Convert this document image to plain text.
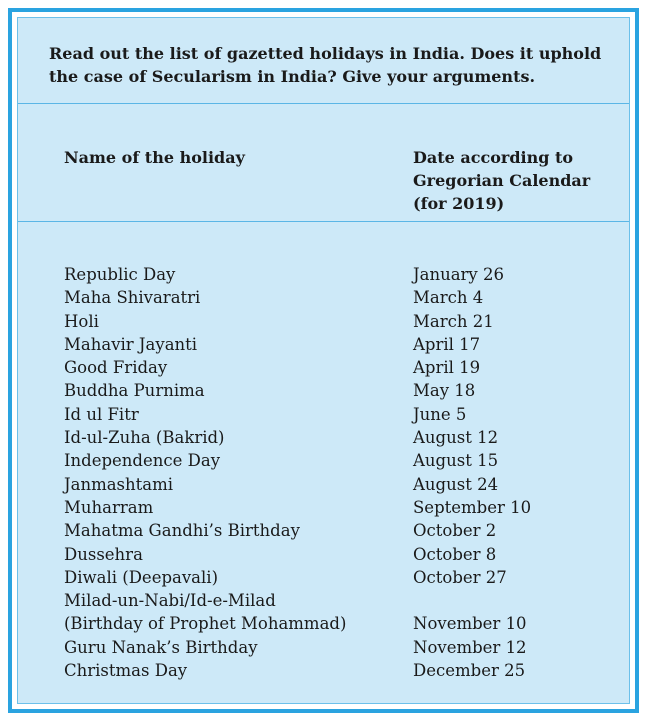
Read out the list of gazetted holidays in India. Does it uphold the case of Secularism in India? Give your arguments.
Name of the holiday	Date according to
Gregorian Calendar
(for 2019)
Republic Day	January 26
Maha Shivaratri	March 4
Holi	March 21
Mahavir Jayanti	April 17
Good Friday	April 19
Buddha Purnima	May 18
Id ul Fitr	June 5
Id-ul-Zuha (Bakrid)	August 12
Independence Day	August 15
Janmashtami	August 24
Muharram	September 10
Mahatma Gandhi’s Birthday	October 2
Dussehra	October 8
Diwali (Deepavali)	October 27
Milad-un-Nabi/Id-e-Milad
(Birthday of Prophet Mohammad)	November 10
Guru Nanak’s Birthday	November 12
Christmas Day	December 25
